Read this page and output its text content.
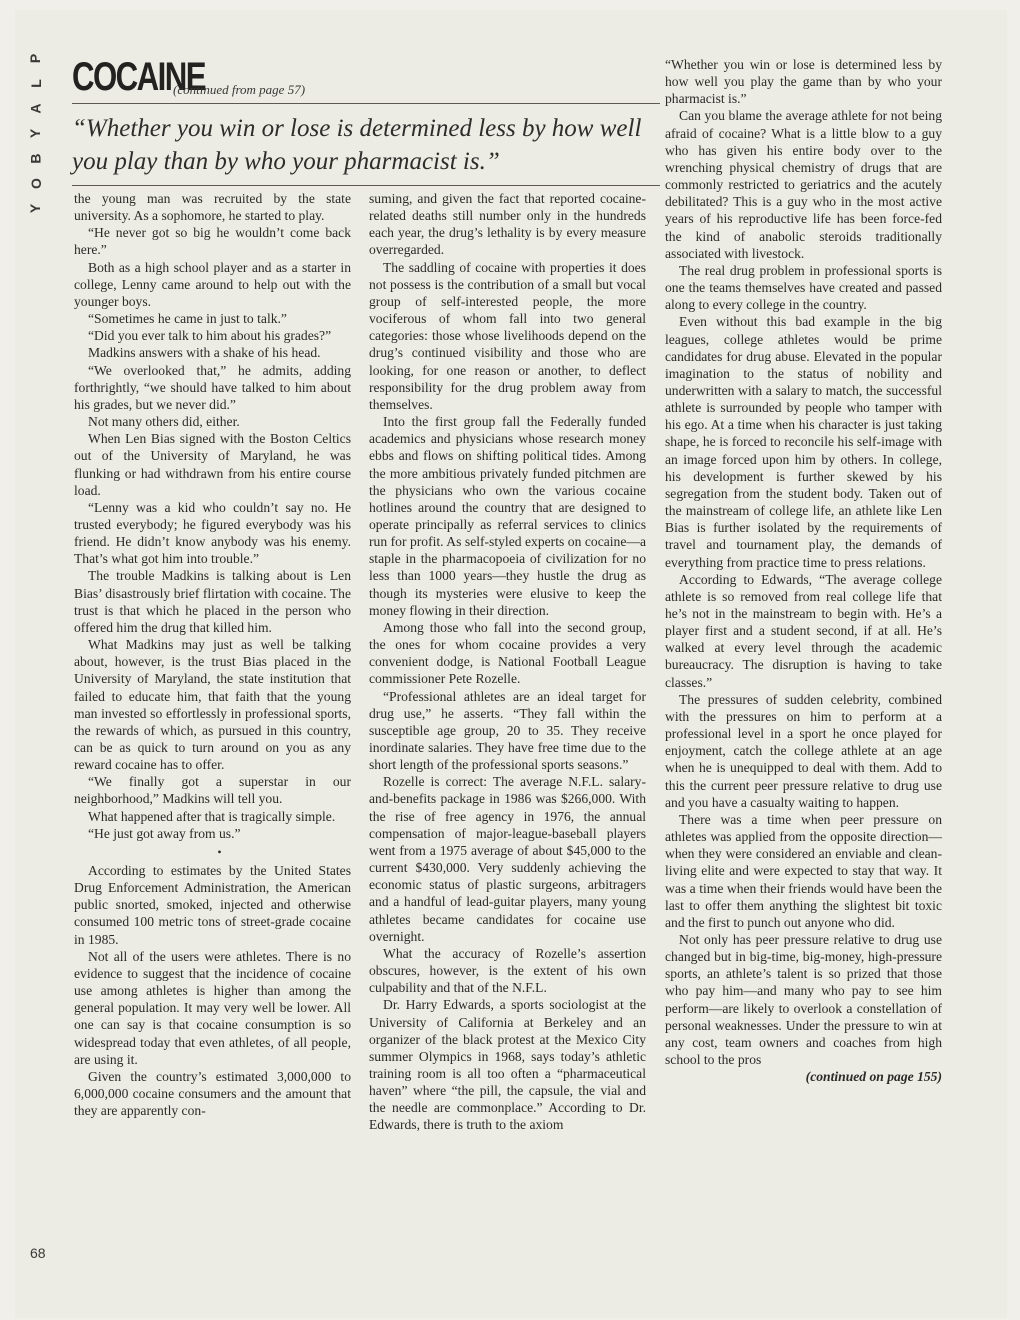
P
L
A
Y
B
O
Y
COCAINE
(continued from page 57)
“Whether you win or lose is determined less by how well you play than by who your pharmacist is.”

the young man was recruited by the state university. As a sophomore, he started to play.

“He never got so big he wouldn’t come back here.”

Both as a high school player and as a starter in college, Lenny came around to help out with the younger boys.

“Sometimes he came in just to talk.”

“Did you ever talk to him about his grades?”

Madkins answers with a shake of his head.

“We overlooked that,” he admits, adding forthrightly, “we should have talked to him about his grades, but we never did.”

Not many others did, either.

When Len Bias signed with the Boston Celtics out of the University of Maryland, he was flunking or had withdrawn from his entire course load.

“Lenny was a kid who couldn’t say no. He trusted everybody; he figured everybody was his friend. He didn’t know anybody was his enemy. That’s what got him into trouble.”

The trouble Madkins is talking about is Len Bias’ disastrously brief flirtation with cocaine. The trust is that which he placed in the person who offered him the drug that killed him.

What Madkins may just as well be talking about, however, is the trust Bias placed in the University of Maryland, the state institution that failed to educate him, that faith that the young man invested so effortlessly in professional sports, the rewards of which, as pursued in this country, can be as quick to turn around on you as any reward cocaine has to offer.

“We finally got a superstar in our neighborhood,” Madkins will tell you.

What happened after that is tragically simple.

“He just got away from us.”

•

According to estimates by the United States Drug Enforcement Administration, the American public snorted, smoked, injected and otherwise consumed 100 metric tons of street-grade cocaine in 1985.

Not all of the users were athletes. There is no evidence to suggest that the incidence of cocaine use among athletes is higher than among the general population. It may very well be lower. All one can say is that cocaine consumption is so widespread today that even athletes, of all people, are using it.

Given the country’s estimated 3,000,000 to 6,000,000 cocaine consumers and the amount that they are apparently con-

suming, and given the fact that reported cocaine-related deaths still number only in the hundreds each year, the drug’s lethality is by every measure overregarded.

The saddling of cocaine with properties it does not possess is the contribution of a small but vocal group of self-interested people, the more vociferous of whom fall into two general categories: those whose livelihoods depend on the drug’s continued visibility and those who are looking, for one reason or another, to deflect responsibility for the drug problem away from themselves.

Into the first group fall the Federally funded academics and physicians whose research money ebbs and flows on shifting political tides. Among the more ambitious privately funded pitchmen are the physicians who own the various cocaine hotlines around the country that are designed to operate principally as referral services to clinics run for profit. As self-styled experts on cocaine—a staple in the pharmacopoeia of civilization for no less than 1000 years—they hustle the drug as though its mysteries were elusive to keep the money flowing in their direction.

Among those who fall into the second group, the ones for whom cocaine provides a very convenient dodge, is National Football League commissioner Pete Rozelle.

“Professional athletes are an ideal target for drug use,” he asserts. “They fall within the susceptible age group, 20 to 35. They receive inordinate salaries. They have free time due to the short length of the professional sports seasons.”

Rozelle is correct: The average N.F.L. salary-and-benefits package in 1986 was $266,000. With the rise of free agency in 1976, the annual compensation of major-league-baseball players went from a 1975 average of about $45,000 to the current $430,000. Very suddenly achieving the economic status of plastic surgeons, arbitragers and a handful of lead-guitar players, many young athletes became candidates for cocaine use overnight.

What the accuracy of Rozelle’s assertion obscures, however, is the extent of his own culpability and that of the N.F.L.

Dr. Harry Edwards, a sports sociologist at the University of California at Berkeley and an organizer of the black protest at the Mexico City summer Olympics in 1968, says today’s athletic training room is all too often a “pharmaceutical haven” where “the pill, the capsule, the vial and the needle are commonplace.” According to Dr. Edwards, there is truth to the axiom

“Whether you win or lose is determined less by how well you play the game than by who your pharmacist is.”

Can you blame the average athlete for not being afraid of cocaine? What is a little blow to a guy who has given his entire body over to the wrenching physical chemistry of drugs that are commonly restricted to geriatrics and the acutely debilitated? This is a guy who in the most active years of his reproductive life has been force-fed the kind of anabolic steroids traditionally associated with livestock.

The real drug problem in professional sports is one the teams themselves have created and passed along to every college in the country.

Even without this bad example in the big leagues, college athletes would be prime candidates for drug abuse. Elevated in the popular imagination to the status of nobility and underwritten with a salary to match, the successful athlete is surrounded by people who tamper with his ego. At a time when his character is just taking shape, he is forced to reconcile his self-image with an image forced upon him by others. In college, his development is further skewed by his segregation from the student body. Taken out of the mainstream of college life, an athlete like Len Bias is further isolated by the requirements of travel and tournament play, the demands of everything from practice time to press relations.

According to Edwards, “The average college athlete is so removed from real college life that he’s not in the mainstream to begin with. He’s a player first and a student second, if at all. He’s walked at every level through the academic bureaucracy. The disruption is having to take classes.”

The pressures of sudden celebrity, combined with the pressures on him to perform at a professional level in a sport he once played for enjoyment, catch the college athlete at an age when he is unequipped to deal with them. Add to this the current peer pressure relative to drug use and you have a casualty waiting to happen.

There was a time when peer pressure on athletes was applied from the opposite direction—when they were considered an enviable and clean-living elite and were expected to stay that way. It was a time when their friends would have been the last to offer them anything the slightest bit toxic and the first to punch out anyone who did.

Not only has peer pressure relative to drug use changed but in big-time, big-money, high-pressure sports, an athlete’s talent is so prized that those who pay him—and many who pay to see him perform—are likely to overlook a constellation of personal weaknesses. Under the pressure to win at any cost, team owners and coaches from high school to the pros

(continued on page 155)

68
